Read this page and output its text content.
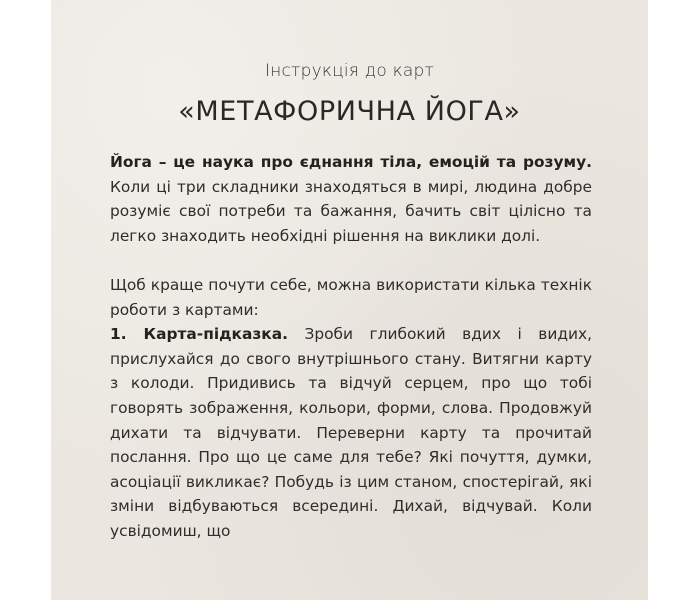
Інструкція до карт
«МЕТАФОРИЧНА ЙОГА»

Йога – це наука про єднання тіла, емоцій та розуму. Коли ці три складники знаходяться в мирі, людина добре розуміє свої потреби та бажання, бачить світ цілісно та легко знаходить необхідні рішення на виклики долі.

Щоб краще почути себе, можна використати кілька технік роботи з картами:

1. Карта-підказка. Зроби глибокий вдих і видих, прислухайся до свого внутрішнього стану. Витягни карту з колоди. Придивись та відчуй серцем, про що тобі говорять зображення, кольори, форми, слова. Продовжуй дихати та відчувати. Переверни карту та прочитай послання. Про що це саме для тебе? Які почуття, думки, асоціації викликає? Побудь із цим станом, спостерігай, які зміни відбуваються всередині. Дихай, відчувай. Коли усвідомиш, що
